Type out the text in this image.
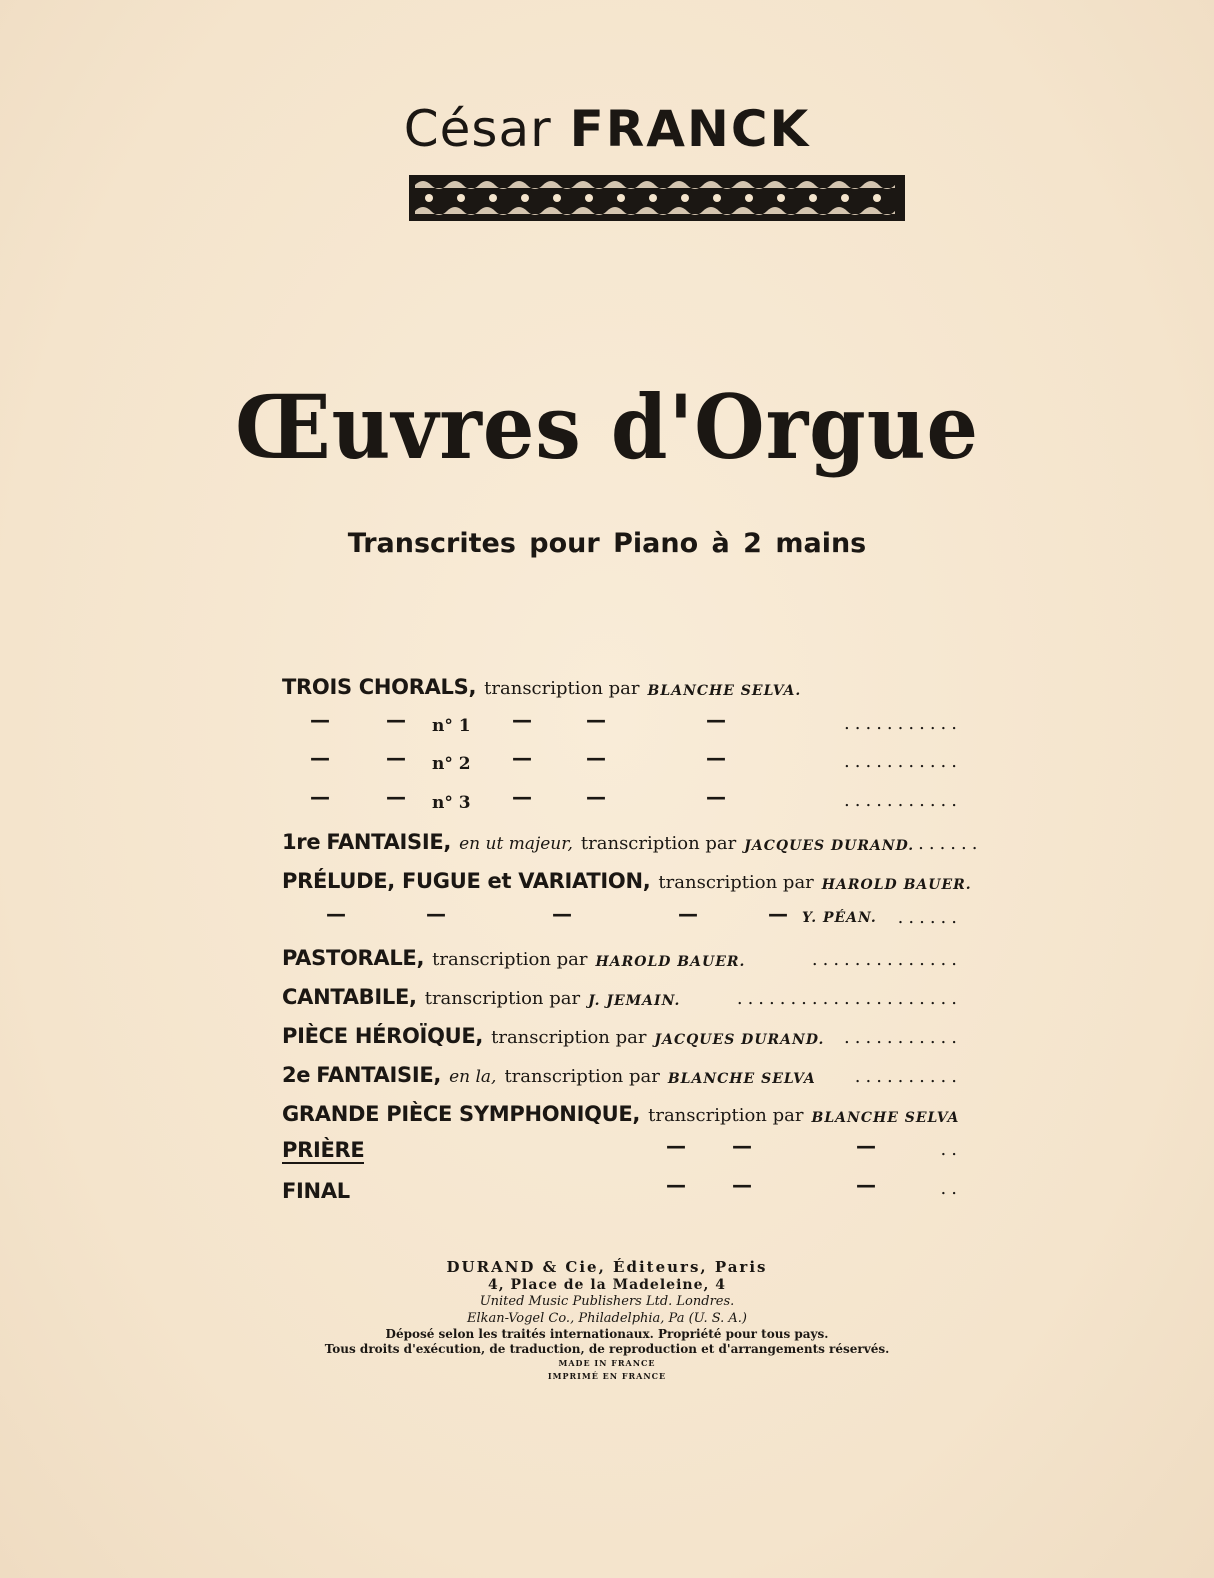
César FRANCK
Œuvres d'Orgue
Transcrites pour Piano à 2 mains
TROIS CHORALS, transcription par BLANCHE SELVA.
—	— n° 1 —	—	—	...........
—	— n° 2 —	—	—	...........
—	— n° 3 —	—	—	...........
1re FANTAISIE, en ut majeur, transcription par JACQUES DURAND. ......
PRÉLUDE, FUGUE et VARIATION, transcription par HAROLD BAUER.
—	—	—	—	— Y. PÉAN. ......
PASTORALE, transcription par HAROLD BAUER.	..............
CANTABILE, transcription par J. JEMAIN.	.....................
PIÈCE HÉROÏQUE, transcription par JACQUES DURAND.	...........
2e FANTAISIE, en la, transcription par BLANCHE SELVA	..........
GRANDE PIÈCE SYMPHONIQUE, transcription par BLANCHE SELVA
PRIÈRE	— —	—	..
FINAL	— —	—	..
DURAND & Cie, Éditeurs, Paris
4, Place de la Madeleine, 4
United Music Publishers Ltd. Londres.
Elkan-Vogel Co., Philadelphia, Pa (U. S. A.)
Déposé selon les traités internationaux. Propriété pour tous pays.
Tous droits d'exécution, de traduction, de reproduction et d'arrangements réservés.
MADE IN FRANCE
IMPRIMÉ EN FRANCE
